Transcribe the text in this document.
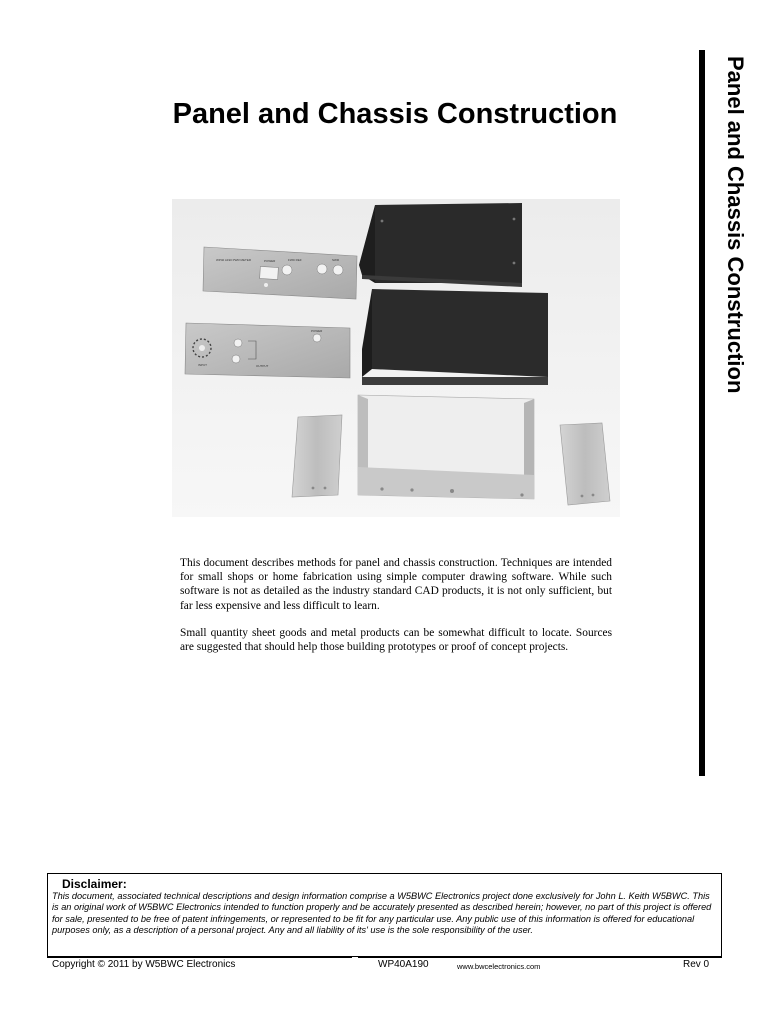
Panel and Chassis Construction	Panel and Chassis Construction
WP40 A190 PWR METER	POWER	FWD REF	SWR
INPUT
POWER
OUTPUT

This document describes methods for panel and chassis construction. Techniques are intended for small shops or home fabrication using simple computer drawing software. While such software is not as detailed as the industry standard CAD products, it is not only sufficient, but far less expensive and less difficult to learn.

Small quantity sheet goods and metal products can be somewhat difficult to locate. Sources are suggested that should help those building prototypes or proof of concept projects.

Disclaimer:
This document, associated technical descriptions and design information comprise a W5BWC Electronics project done exclusively for John L. Keith W5BWC. This is an original work of W5BWC Electronics intended to function properly and be accurately presented as described herein; however, no part of this project is offered for sale, presented to be free of patent infringements, or represented to be fit for any particular use. Any public use of this information is offered for educational purposes only, as a description of a personal project. Any and all liability of its' use is the sole responsibility of the user.
Copyright © 2011 by W5BWC Electronics	WP40A190	www.bwcelectronics.com	Rev 0
